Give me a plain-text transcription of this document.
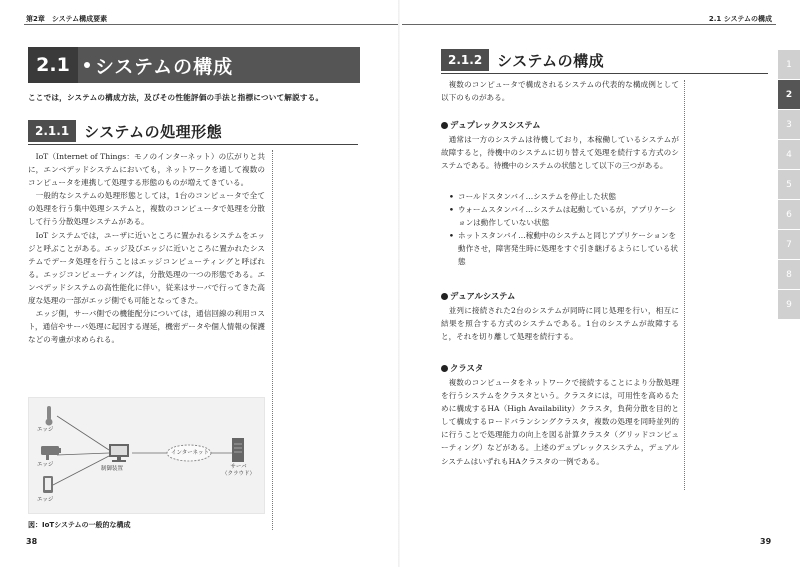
第2章　システム構成要素
2.1	システムの構成
ここでは，システムの構成方法，及びその性能評価の手法と指標について解説する。
2.1.1	システムの処理形態

IoT（Internet of Things：モノのインターネット）の広がりと共に，エンベデッドシステムにおいても，ネットワークを通して複数のコンピュータを連携して処理する形態のものが増えてきている。

一般的なシステムの処理形態としては，1台のコンピュータで全ての処理を行う集中処理システムと，複数のコンピュータで処理を分散して行う分散処理システムがある。

IoT システムでは，ユーザに近いところに置かれるシステムをエッジと呼ぶことがある。エッジ及びエッジに近いところに置かれたシステムでデータ処理を行うことはエッジコンピューティングと呼ばれる。エッジコンピューティングは，分散処理の一つの形態である。エンベデッドシステムの高性能化に伴い，従来はサーバで行ってきた高度な処理の一部がエッジ側でも可能となってきた。

エッジ側，サーバ側での機能配分については，通信回線の利用コスト，通信やサーバ処理に起因する遅延，機密データや個人情報の保護などの考慮が求められる。

エッジ
エッジ
エッジ
制御装置
インターネット
サーバ
（クラウド）
図：IoTシステムの一般的な構成
38
2.1 システムの構成
2.1.2	システムの構成

複数のコンピュータで構成されるシステムの代表的な構成例として以下のものがある。

デュプレックスシステム

通常は一方のシステムは待機しており，本稼働しているシステムが故障すると，待機中のシステムに切り替えて処理を続行する方式のシステムである。待機中のシステムの状態として以下の三つがある。

• コールドスタンバイ…システムを停止した状態
• ウォームスタンバイ…システムは起動しているが，アプリケーションは動作していない状態
• ホットスタンバイ…稼動中のシステムと同じアプリケーションを動作させ，障害発生時に処理をすぐ引き継げるようにしている状態
デュアルシステム

並列に接続された2台のシステムが同時に同じ処理を行い，相互に結果を照合する方式のシステムである。1台のシステムが故障すると，それを切り離して処理を続行する。

クラスタ

複数のコンピュータをネットワークで接続することにより分散処理を行うシステムをクラスタという。クラスタには，可用性を高めるために構成するHA（High Availability）クラスタ，負荷分散を目的として構成するロードバランシングクラスタ，複数の処理を同時並列的に行うことで処理能力の向上を図る計算クラスタ（グリッドコンピューティング）などがある。上述のデュプレックスシステム，デュアルシステムはいずれもHAクラスタの一例である。

39
1
2
3
4
5
6
7
8
9
